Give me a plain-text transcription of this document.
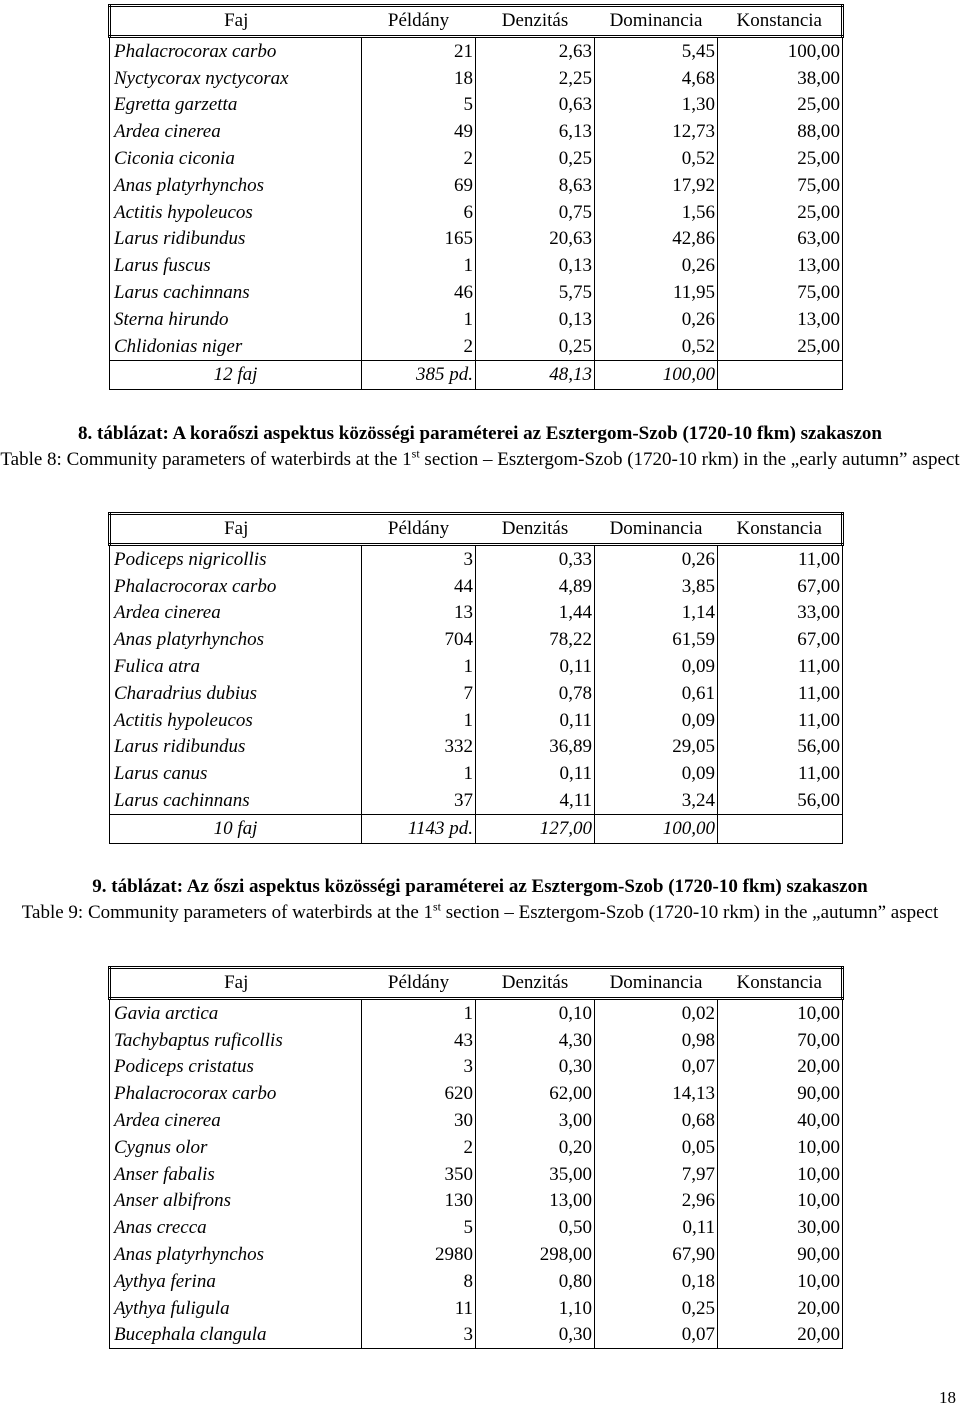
Faj	Példány	Denzitás	Dominancia	Konstancia
Phalacrocorax carbo	21	2,63	5,45	100,00
Nyctycorax nyctycorax	18	2,25	4,68	38,00
Egretta garzetta	5	0,63	1,30	25,00
Ardea cinerea	49	6,13	12,73	88,00
Ciconia ciconia	2	0,25	0,52	25,00
Anas platyrhynchos	69	8,63	17,92	75,00
Actitis hypoleucos	6	0,75	1,56	25,00
Larus ridibundus	165	20,63	42,86	63,00
Larus fuscus	1	0,13	0,26	13,00
Larus cachinnans	46	5,75	11,95	75,00
Sterna hirundo	1	0,13	0,26	13,00
Chlidonias niger	2	0,25	0,52	25,00
12 faj	385 pd.	48,13	100,00	
8. táblázat: A koraőszi aspektus közösségi paraméterei az Esztergom-Szob (1720-10 fkm) szakaszon
Table 8: Community parameters of waterbirds at the 1st section – Esztergom-Szob (1720-10 rkm) in the „early autumn” aspect
Faj	Példány	Denzitás	Dominancia	Konstancia
Podiceps nigricollis	3	0,33	0,26	11,00
Phalacrocorax carbo	44	4,89	3,85	67,00
Ardea cinerea	13	1,44	1,14	33,00
Anas platyrhynchos	704	78,22	61,59	67,00
Fulica atra	1	0,11	0,09	11,00
Charadrius dubius	7	0,78	0,61	11,00
Actitis hypoleucos	1	0,11	0,09	11,00
Larus ridibundus	332	36,89	29,05	56,00
Larus canus	1	0,11	0,09	11,00
Larus cachinnans	37	4,11	3,24	56,00
10 faj	1143 pd.	127,00	100,00	
9. táblázat: Az őszi aspektus közösségi paraméterei az Esztergom-Szob (1720-10 fkm) szakaszon
Table 9: Community parameters of waterbirds at the 1st section – Esztergom-Szob (1720-10 rkm) in the „autumn” aspect
Faj	Példány	Denzitás	Dominancia	Konstancia
Gavia arctica	1	0,10	0,02	10,00
Tachybaptus ruficollis	43	4,30	0,98	70,00
Podiceps cristatus	3	0,30	0,07	20,00
Phalacrocorax carbo	620	62,00	14,13	90,00
Ardea cinerea	30	3,00	0,68	40,00
Cygnus olor	2	0,20	0,05	10,00
Anser fabalis	350	35,00	7,97	10,00
Anser albifrons	130	13,00	2,96	10,00
Anas crecca	5	0,50	0,11	30,00
Anas platyrhynchos	2980	298,00	67,90	90,00
Aythya ferina	8	0,80	0,18	10,00
Aythya fuligula	11	1,10	0,25	20,00
Bucephala clangula	3	0,30	0,07	20,00
18
